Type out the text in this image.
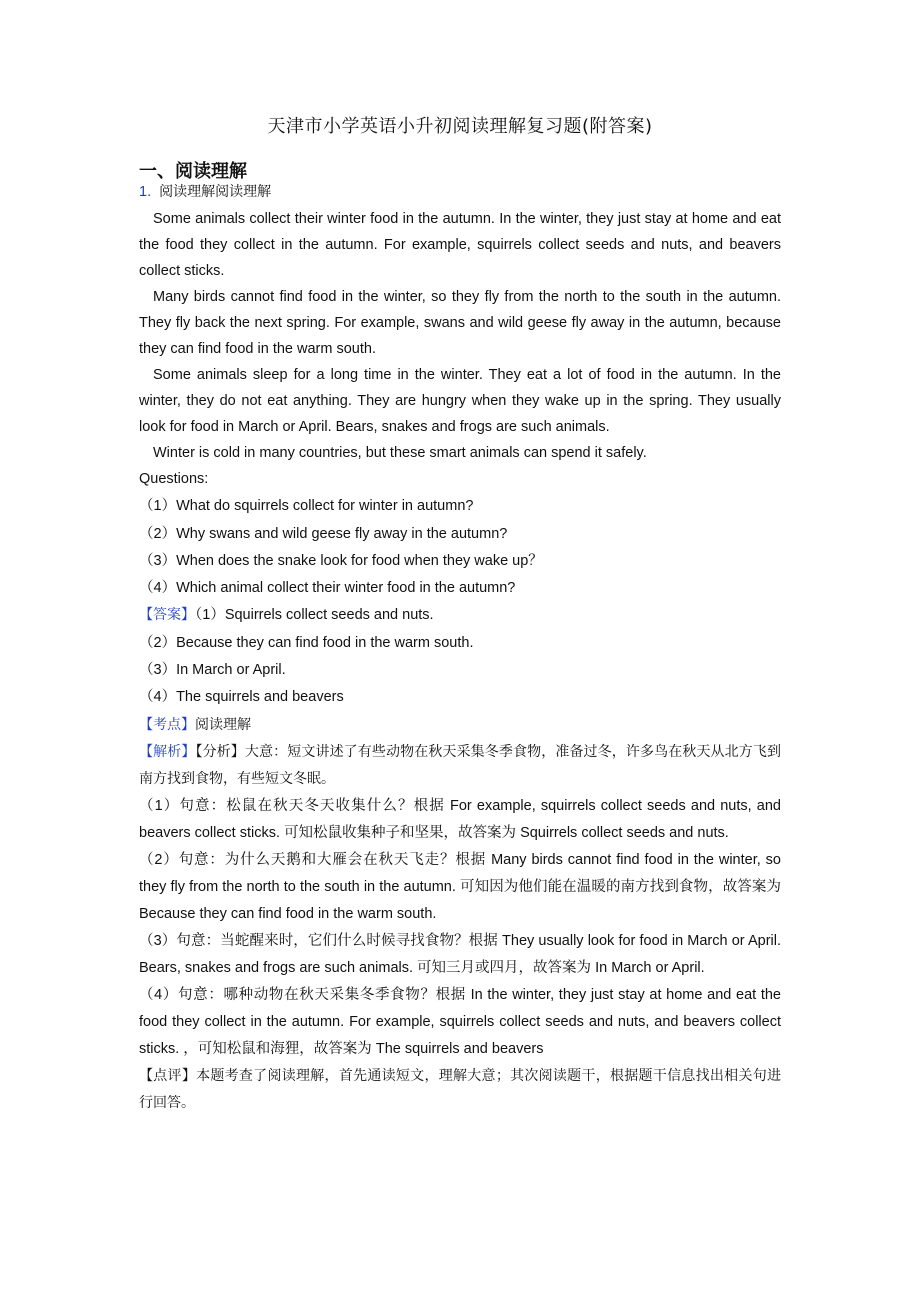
天津市小学英语小升初阅读理解复习题(附答案)
一、阅读理解

1. 阅读理解阅读理解

Some animals collect their winter food in the autumn. In the winter, they just stay at home and eat the food they collect in the autumn. For example, squirrels collect seeds and nuts, and beavers collect sticks.

Many birds cannot find food in the winter, so they fly from the north to the south in the autumn. They fly back the next spring. For example, swans and wild geese fly away in the autumn, because they can find food in the warm south.

Some animals sleep for a long time in the winter. They eat a lot of food in the autumn. In the winter, they do not eat anything. They are hungry when they wake up in the spring. They usually look for food in March or April. Bears, snakes and frogs are such animals.

Winter is cold in many countries, but these smart animals can spend it safely.

Questions:

（1）What do squirrels collect for winter in autumn?

（2）Why swans and wild geese fly away in the autumn?

（3）When does the snake look for food when they wake up？

（4）Which animal collect their winter food in the autumn?

【答案】（1）Squirrels collect seeds and nuts.

（2）Because they can find food in the warm south.

（3）In March or April.

（4）The squirrels and beavers

【考点】阅读理解

【解析】【分析】大意：短文讲述了有些动物在秋天采集冬季食物，准备过冬，许多鸟在秋天从北方飞到南方找到食物，有些短文冬眠。

（1）句意：松鼠在秋天冬天收集什么？根据 For example, squirrels collect seeds and nuts, and beavers collect sticks. 可知松鼠收集种子和坚果，故答案为 Squirrels collect seeds and nuts.

（2）句意：为什么天鹅和大雁会在秋天飞走？根据 Many birds cannot find food in the winter, so they fly from the north to the south in the autumn. 可知因为他们能在温暖的南方找到食物，故答案为 Because they can find food in the warm south.

（3）句意：当蛇醒来时，它们什么时候寻找食物？根据 They usually look for food in March or April. Bears, snakes and frogs are such animals. 可知三月或四月，故答案为 In March or April.

（4）句意：哪种动物在秋天采集冬季食物？根据 In the winter, they just stay at home and eat the food they collect in the autumn. For example, squirrels collect seeds and nuts, and beavers collect sticks. ，可知松鼠和海狸，故答案为 The squirrels and beavers

【点评】本题考查了阅读理解，首先通读短文，理解大意；其次阅读题干，根据题干信息找出相关句进行回答。
